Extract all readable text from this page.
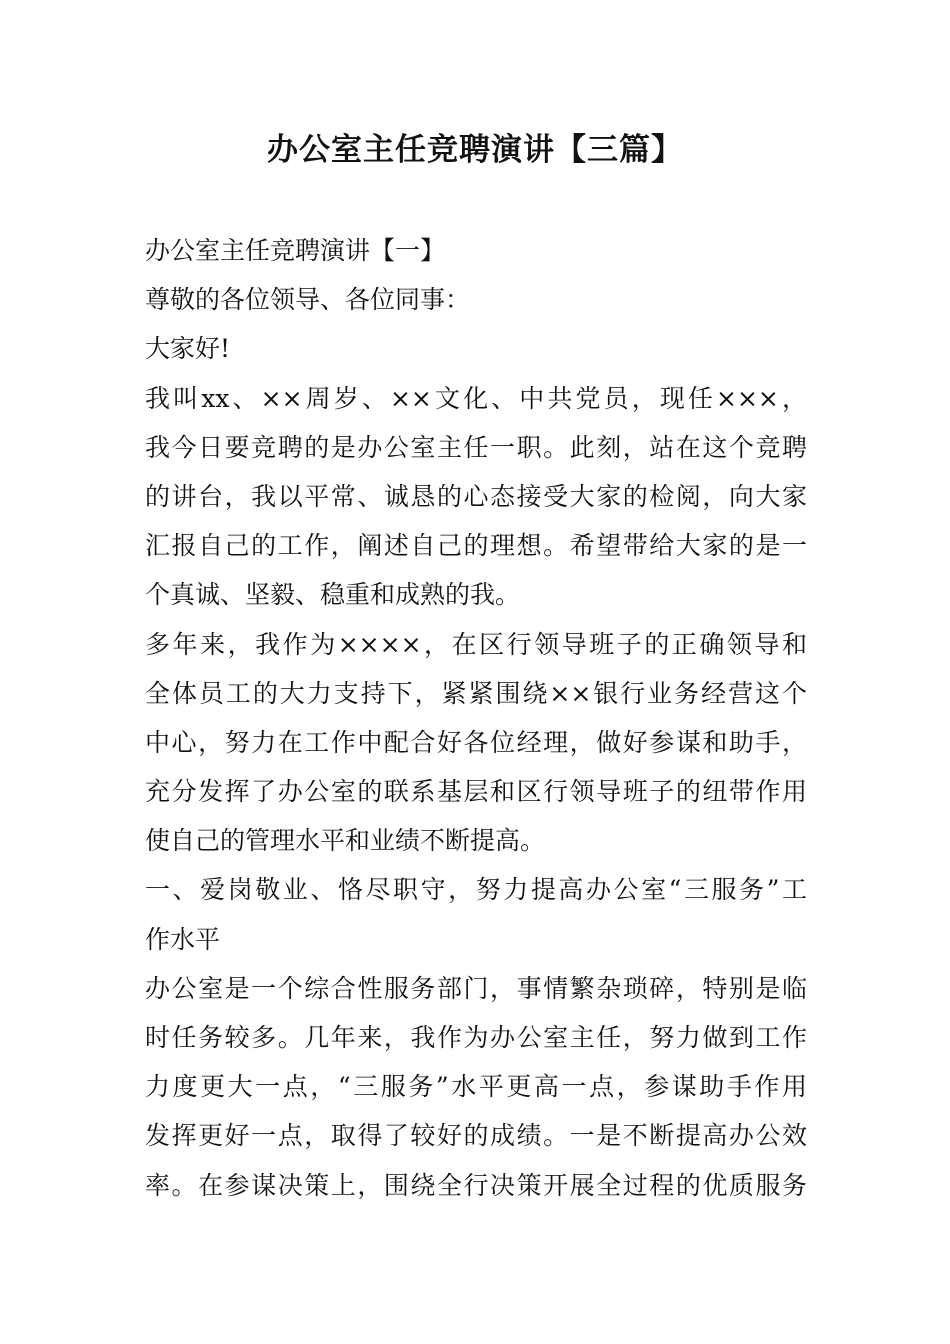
办公室主任竞聘演讲【三篇】
办公室主任竞聘演讲【一】
尊敬的各位领导、各位同事：
大家好!
我叫xx、××周岁、××文化、中共党员，现任×××，
我今日要竞聘的是办公室主任一职。此刻，站在这个竞聘
的讲台，我以平常、诚恳的心态接受大家的检阅，向大家
汇报自己的工作，阐述自己的理想。希望带给大家的是一
个真诚、坚毅、稳重和成熟的我。
多年来，我作为××××，在区行领导班子的正确领导和
全体员工的大力支持下，紧紧围绕××银行业务经营这个
中心，努力在工作中配合好各位经理，做好参谋和助手，
充分发挥了办公室的联系基层和区行领导班子的纽带作用
使自己的管理水平和业绩不断提高。
一、爱岗敬业、恪尽职守，努力提高办公室“三服务”工
作水平
办公室是一个综合性服务部门，事情繁杂琐碎，特别是临
时任务较多。几年来，我作为办公室主任，努力做到工作
力度更大一点，“三服务”水平更高一点，参谋助手作用
发挥更好一点，取得了较好的成绩。一是不断提高办公效
率。在参谋决策上，围绕全行决策开展全过程的优质服务
